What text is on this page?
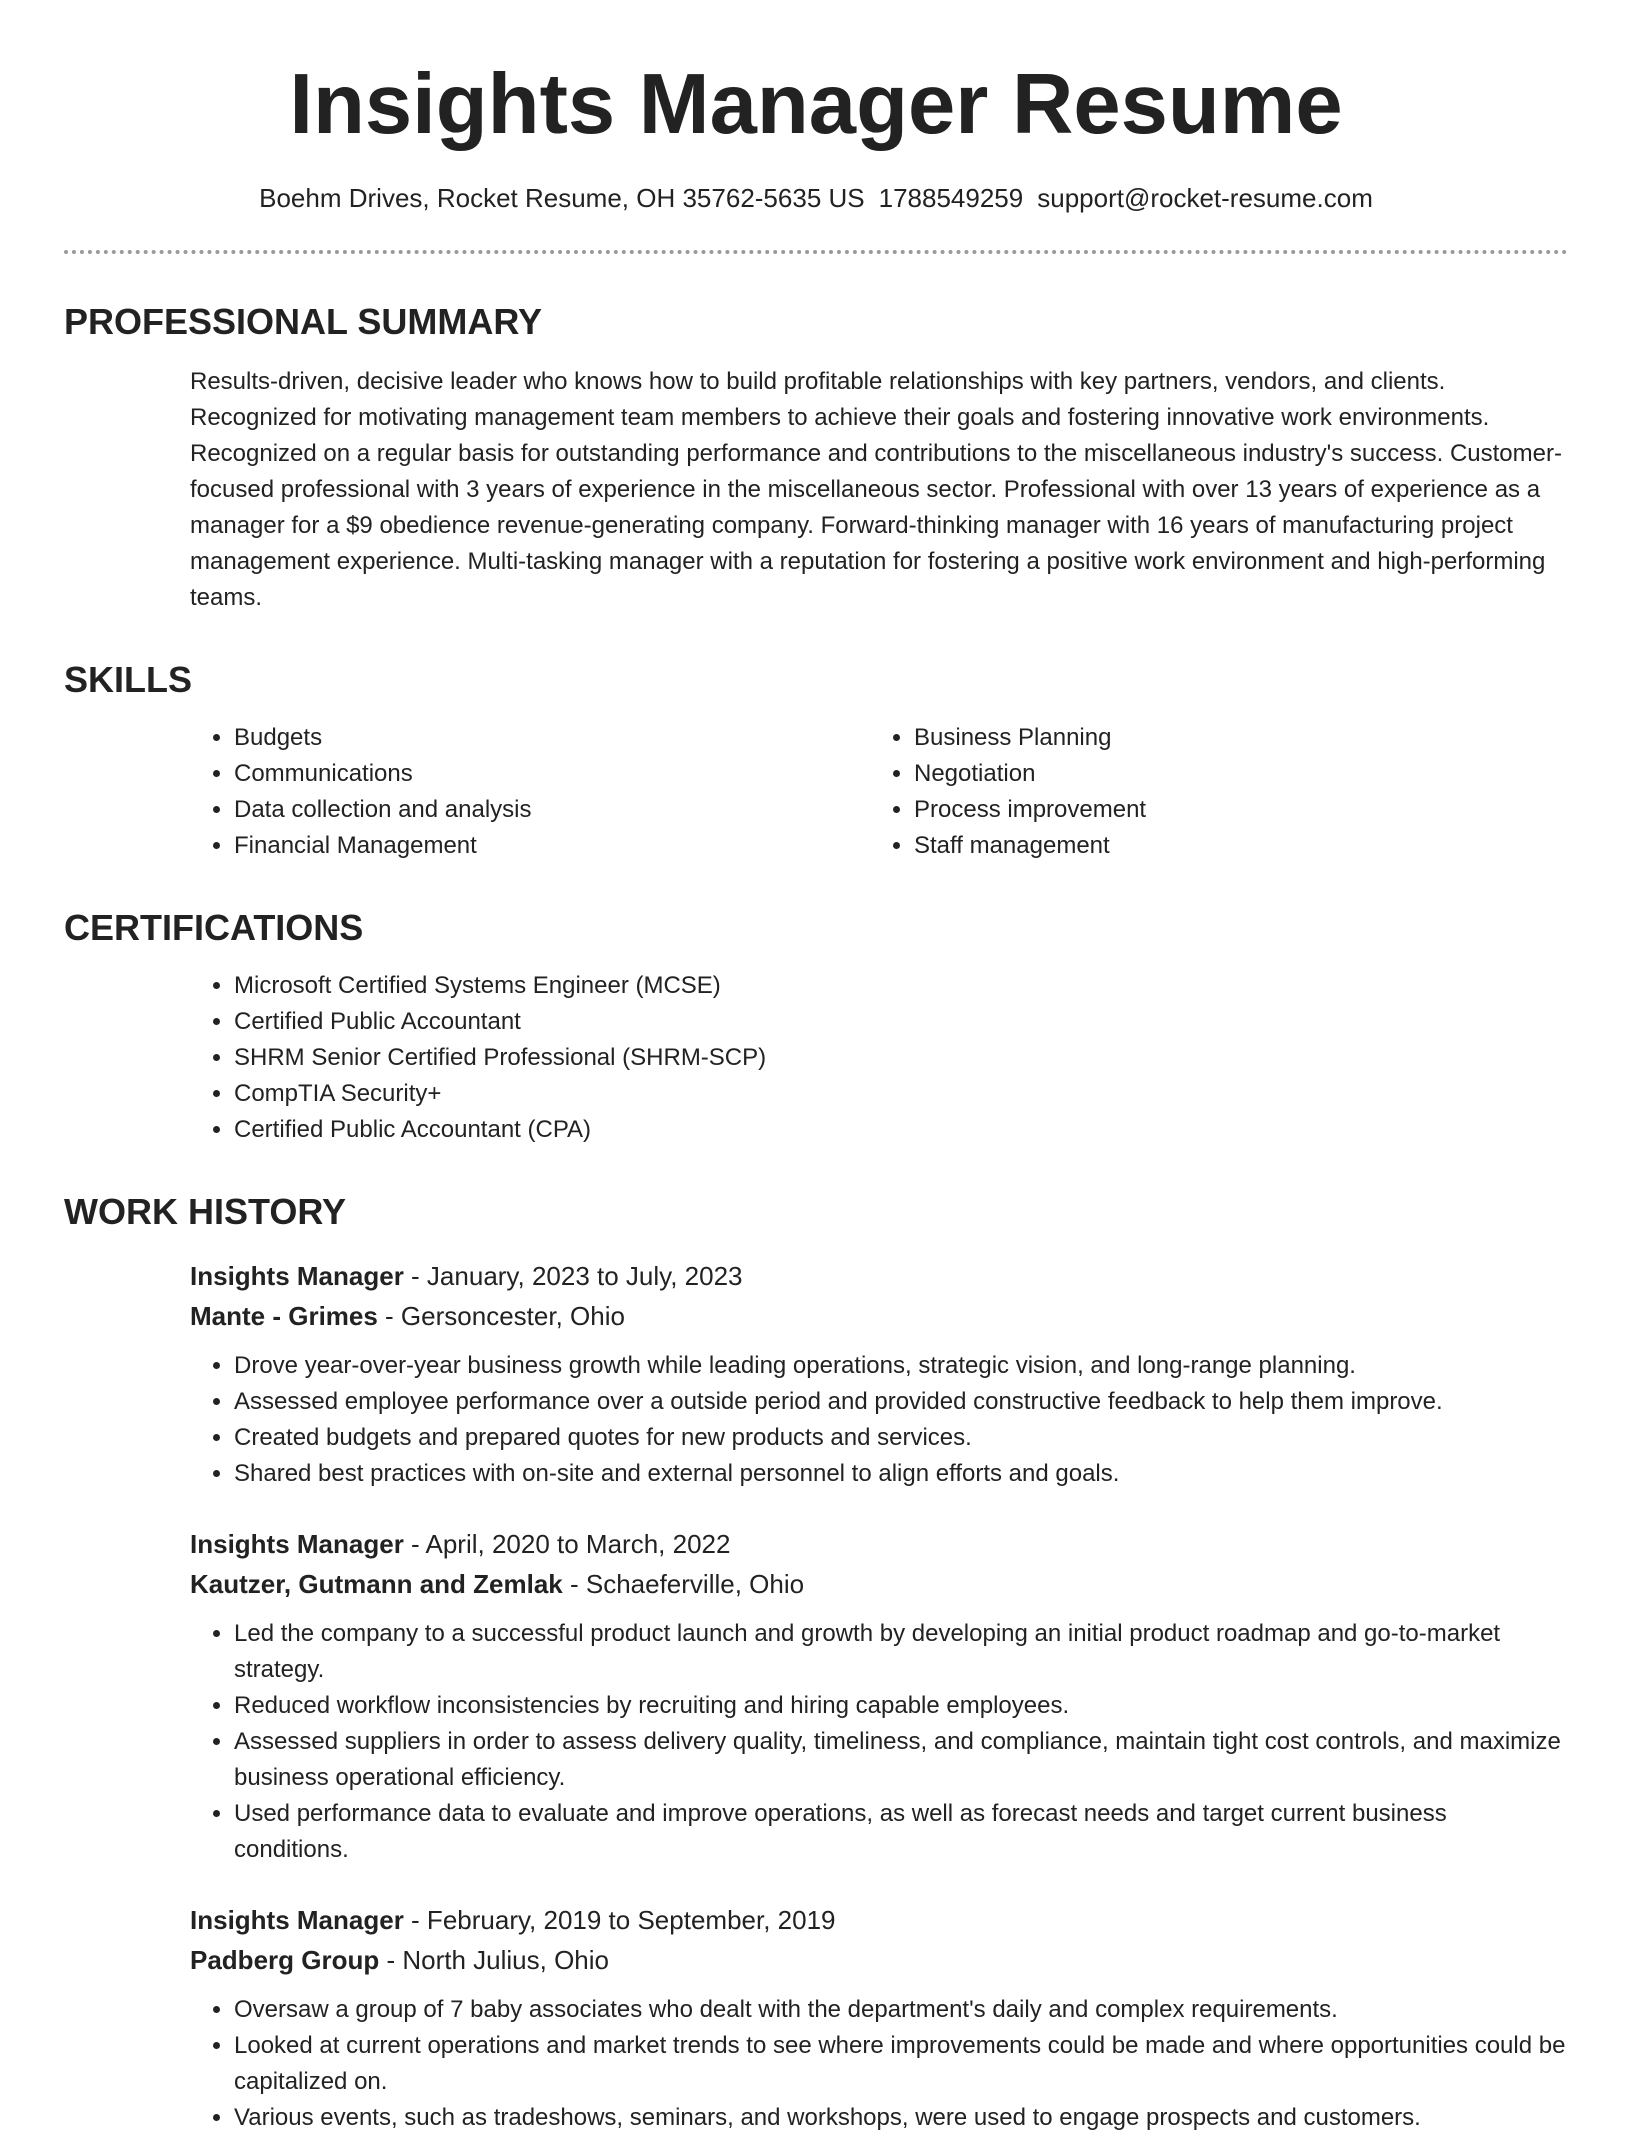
Insights Manager Resume
Boehm Drives, Rocket Resume, OH 35762-5635 US 1788549259 support@rocket-resume.com
PROFESSIONAL SUMMARY
Results-driven, decisive leader who knows how to build profitable relationships with key partners, vendors, and clients. Recognized for motivating management team members to achieve their goals and fostering innovative work environments. Recognized on a regular basis for outstanding performance and contributions to the miscellaneous industry's success. Customer-focused professional with 3 years of experience in the miscellaneous sector. Professional with over 13 years of experience as a manager for a $9 obedience revenue-generating company. Forward-thinking manager with 16 years of manufacturing project management experience. Multi-tasking manager with a reputation for fostering a positive work environment and high-performing teams.
SKILLS
• Budgets
• Communications
• Data collection and analysis
• Financial Management
• Business Planning
• Negotiation
• Process improvement
• Staff management
CERTIFICATIONS
• Microsoft Certified Systems Engineer (MCSE)
• Certified Public Accountant
• SHRM Senior Certified Professional (SHRM-SCP)
• CompTIA Security+
• Certified Public Accountant (CPA)
WORK HISTORY
Insights Manager - January, 2023 to July, 2023
Mante - Grimes - Gersoncester, Ohio
• Drove year-over-year business growth while leading operations, strategic vision, and long-range planning.
• Assessed employee performance over a outside period and provided constructive feedback to help them improve.
• Created budgets and prepared quotes for new products and services.
• Shared best practices with on-site and external personnel to align efforts and goals.
Insights Manager - April, 2020 to March, 2022
Kautzer, Gutmann and Zemlak - Schaeferville, Ohio
• Led the company to a successful product launch and growth by developing an initial product roadmap and go-to-market strategy.
• Reduced workflow inconsistencies by recruiting and hiring capable employees.
• Assessed suppliers in order to assess delivery quality, timeliness, and compliance, maintain tight cost controls, and maximize business operational efficiency.
• Used performance data to evaluate and improve operations, as well as forecast needs and target current business conditions.
Insights Manager - February, 2019 to September, 2019
Padberg Group - North Julius, Ohio
• Oversaw a group of 7 baby associates who dealt with the department's daily and complex requirements.
• Looked at current operations and market trends to see where improvements could be made and where opportunities could be capitalized on.
• Various events, such as tradeshows, seminars, and workshops, were used to engage prospects and customers.
